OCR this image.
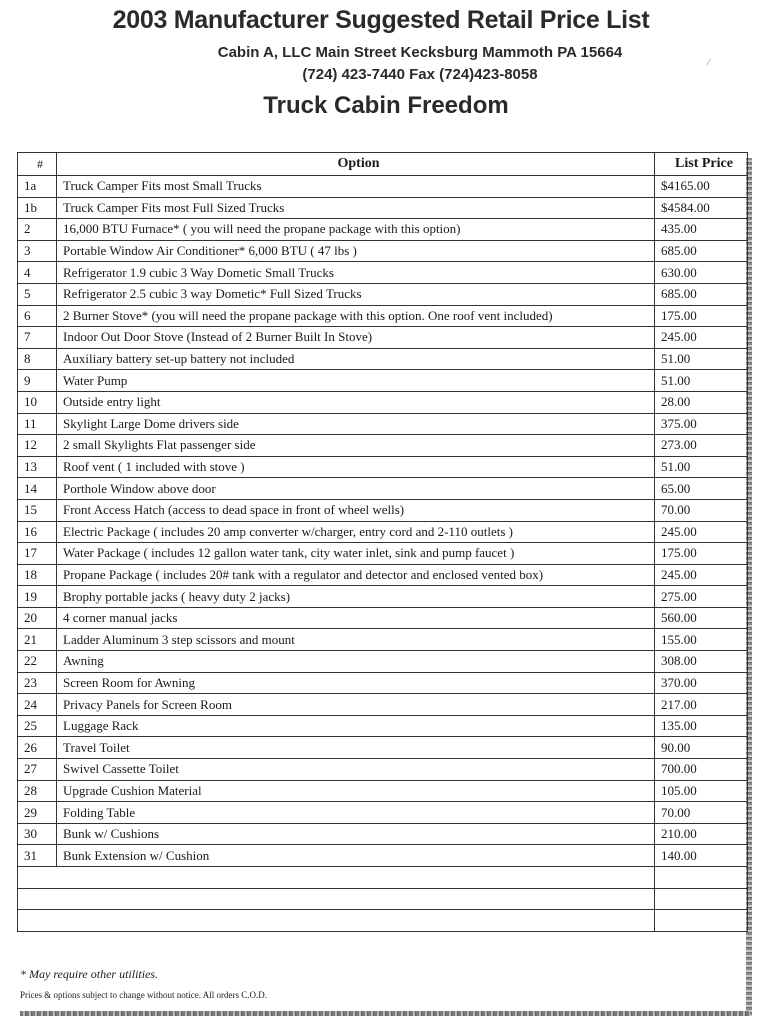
2003 Manufacturer Suggested Retail Price List
Cabin A, LLC Main Street Kecksburg Mammoth PA 15664
(724) 423-7440 Fax (724)423-8058
Truck Cabin Freedom
⁄
#	Option	List Price
1a	Truck Camper Fits most Small Trucks	$4165.00
1b	Truck Camper Fits most Full Sized Trucks	$4584.00
2	16,000 BTU Furnace* ( you will need the propane package with this option)	435.00
3	Portable Window Air Conditioner* 6,000 BTU ( 47 lbs )	685.00
4	Refrigerator 1.9 cubic 3 Way Dometic Small Trucks	630.00
5	Refrigerator 2.5 cubic 3 way Dometic* Full Sized Trucks	685.00
6	2 Burner Stove* (you will need the propane package with this option. One roof vent included)	175.00
7	Indoor Out Door Stove (Instead of 2 Burner Built In Stove)	245.00
8	Auxiliary battery set-up battery not included	51.00
9	Water Pump	51.00
10	Outside entry light	28.00
11	Skylight Large Dome drivers side	375.00
12	2 small Skylights Flat passenger side	273.00
13	Roof vent ( 1 included with stove )	51.00
14	Porthole Window above door	65.00
15	Front Access Hatch (access to dead space in front of wheel wells)	70.00
16	Electric Package ( includes 20 amp converter w/charger, entry cord and 2-110 outlets )	245.00
17	Water Package ( includes 12 gallon water tank, city water inlet, sink and pump faucet )	175.00
18	Propane Package ( includes 20# tank with a regulator and detector and enclosed vented box)	245.00
19	Brophy portable jacks ( heavy duty 2 jacks)	275.00
20	4 corner manual jacks	560.00
21	Ladder Aluminum 3 step scissors and mount	155.00
22	Awning	308.00
23	Screen Room for Awning	370.00
24	Privacy Panels for Screen Room	217.00
25	Luggage Rack	135.00
26	Travel Toilet	90.00
27	Swivel Cassette Toilet	700.00
28	Upgrade Cushion Material	105.00
29	Folding Table	70.00
30	Bunk w/ Cushions	210.00
31	Bunk Extension w/ Cushion	140.00

* May require other utilities.
Prices & options subject to change without notice. All orders C.O.D.
